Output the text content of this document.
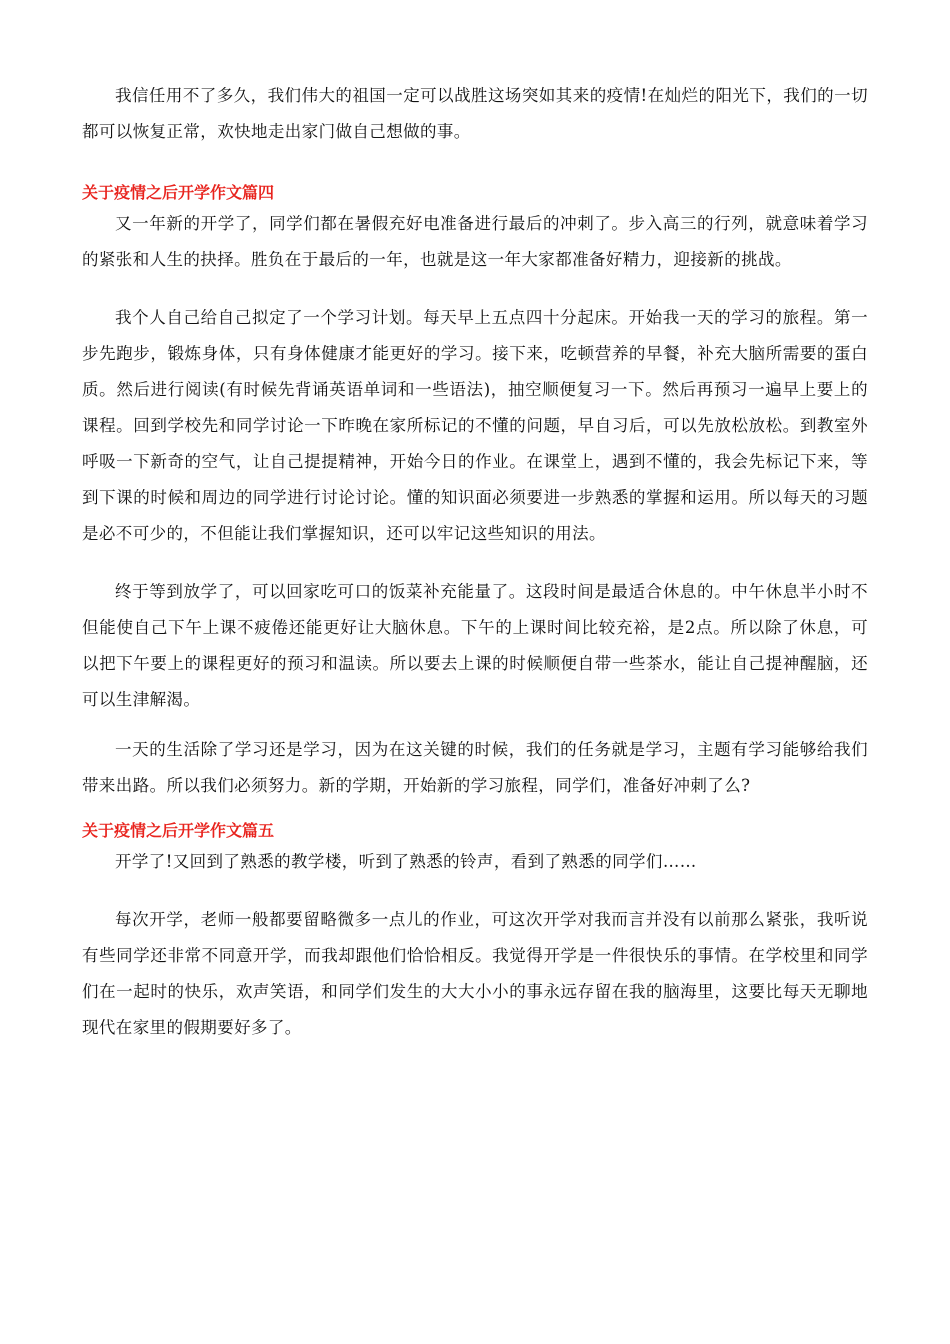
我信任用不了多久，我们伟大的祖国一定可以战胜这场突如其来的疫情!在灿烂的阳光下，我们的一切都可以恢复正常，欢快地走出家门做自己想做的事。

关于疫情之后开学作文篇四

又一年新的开学了，同学们都在暑假充好电准备进行最后的冲刺了。步入高三的行列，就意味着学习的紧张和人生的抉择。胜负在于最后的一年，也就是这一年大家都准备好精力，迎接新的挑战。

我个人自己给自己拟定了一个学习计划。每天早上五点四十分起床。开始我一天的学习的旅程。第一步先跑步，锻炼身体，只有身体健康才能更好的学习。接下来，吃顿营养的早餐，补充大脑所需要的蛋白质。然后进行阅读(有时候先背诵英语单词和一些语法)，抽空顺便复习一下。然后再预习一遍早上要上的课程。回到学校先和同学讨论一下昨晚在家所标记的不懂的问题，早自习后，可以先放松放松。到教室外呼吸一下新奇的空气，让自己提提精神，开始今日的作业。在课堂上，遇到不懂的，我会先标记下来，等到下课的时候和周边的同学进行讨论讨论。懂的知识面必须要进一步熟悉的掌握和运用。所以每天的习题是必不可少的，不但能让我们掌握知识，还可以牢记这些知识的用法。

终于等到放学了，可以回家吃可口的饭菜补充能量了。这段时间是最适合休息的。中午休息半小时不但能使自己下午上课不疲倦还能更好让大脑休息。下午的上课时间比较充裕，是2点。所以除了休息，可以把下午要上的课程更好的预习和温读。所以要去上课的时候顺便自带一些茶水，能让自己提神醒脑，还可以生津解渴。

一天的生活除了学习还是学习，因为在这关键的时候，我们的任务就是学习，主题有学习能够给我们带来出路。所以我们必须努力。新的学期，开始新的学习旅程，同学们，准备好冲刺了么?

关于疫情之后开学作文篇五

开学了!又回到了熟悉的教学楼，听到了熟悉的铃声，看到了熟悉的同学们……

每次开学，老师一般都要留略微多一点儿的作业，可这次开学对我而言并没有以前那么紧张，我听说有些同学还非常不同意开学，而我却跟他们恰恰相反。我觉得开学是一件很快乐的事情。在学校里和同学们在一起时的快乐，欢声笑语，和同学们发生的大大小小的事永远存留在我的脑海里，这要比每天无聊地现代在家里的假期要好多了。
